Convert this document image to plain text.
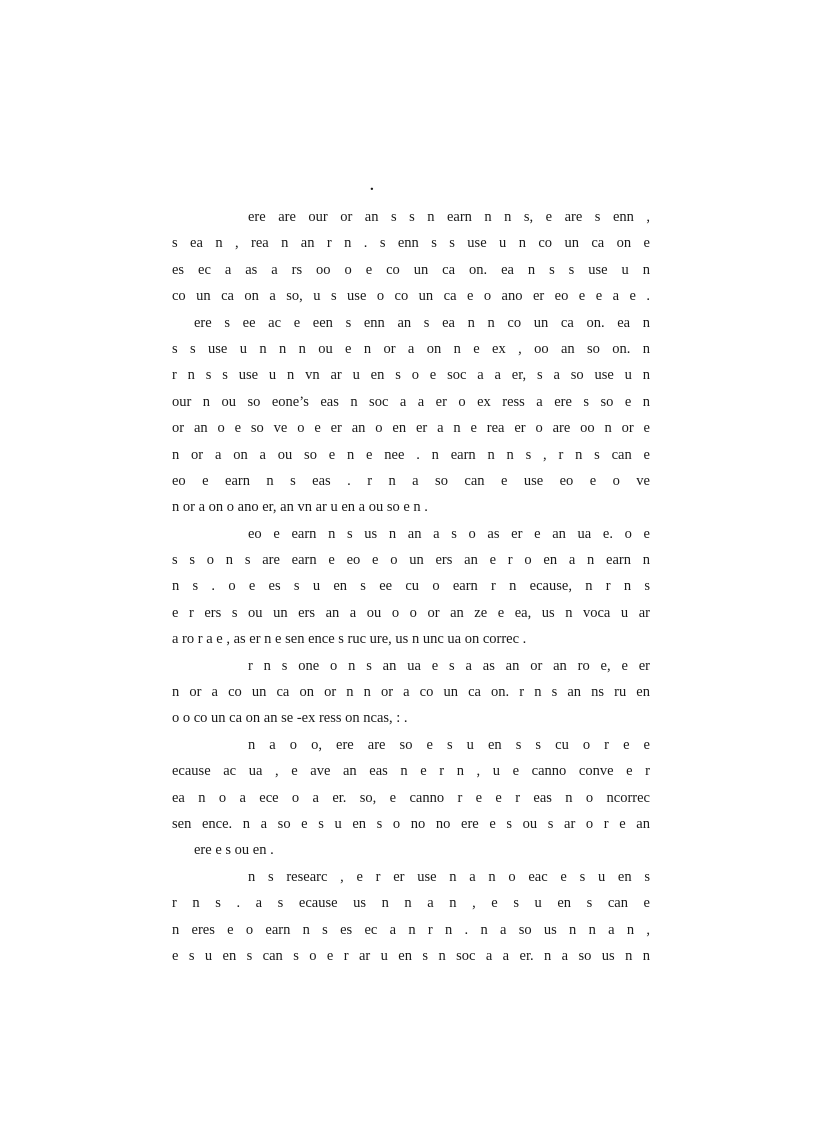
.
ere are our or an s s n earn n n s, e are s enn ,
s ea n , rea n an r n . s enn s s use u n co un ca on e
es ec a as a rs oo o e co un ca on. ea n s s use u n
co un ca on a so, u s use o co un ca e o ano er eo e e a e .
ere s ee ac e een s enn an s ea n n co un ca on. ea n
s s use u n n n ou e n or a on n e ex , oo an so on. n
r n s s use u n vn ar u en s o e soc a a er, s a so use u n
our n ou so eone’s eas n soc a a er o ex ress a ere s so e n
or an o e so ve o e er an o en er a n e rea er o are oo n or e
n or a on a ou so e n e nee . n earn n n s , r n s can e
eo e earn n s eas . r n a so can e use eo e o ve
n or a on o ano er, an vn ar u en a ou so e n .
eo e earn n s us n an a s o as er e an ua e. o e
s s o n s are earn e eo e o un ers an e r o en a n earn n
n s . o e es s u en s ee cu o earn r n ecause, n r n s
e r ers s ou un ers an a ou o o or an ze e ea, us n voca u ar
a ro r a e , as er n e sen ence s ruc ure, us n unc ua on correc .
r n s one o n s an ua e s a as an or an ro e, e er
n or a co un ca on or n n or a co un ca on. r n s an ns ru en
o o co un ca on an se -ex ress on ncas, : .
n a o o, ere are so e s u en s s cu o r e e
ecause ac ua , e ave an eas n e r n , u e canno conve e r
ea n o a ece o a er. so, e canno r e e r eas n o ncorrec
sen ence. n a so e s u en s o no no ere e s ou s ar o r e an
ere e s ou en .
n s researc , e r er use n a n o eac e s u en s
r n s . a s ecause us n n a n , e s u en s can e
n eres e o earn n s es ec a n r n . n a so us n n a n ,
e s u en s can s o e r ar u en s n soc a a er. n a so us n n
